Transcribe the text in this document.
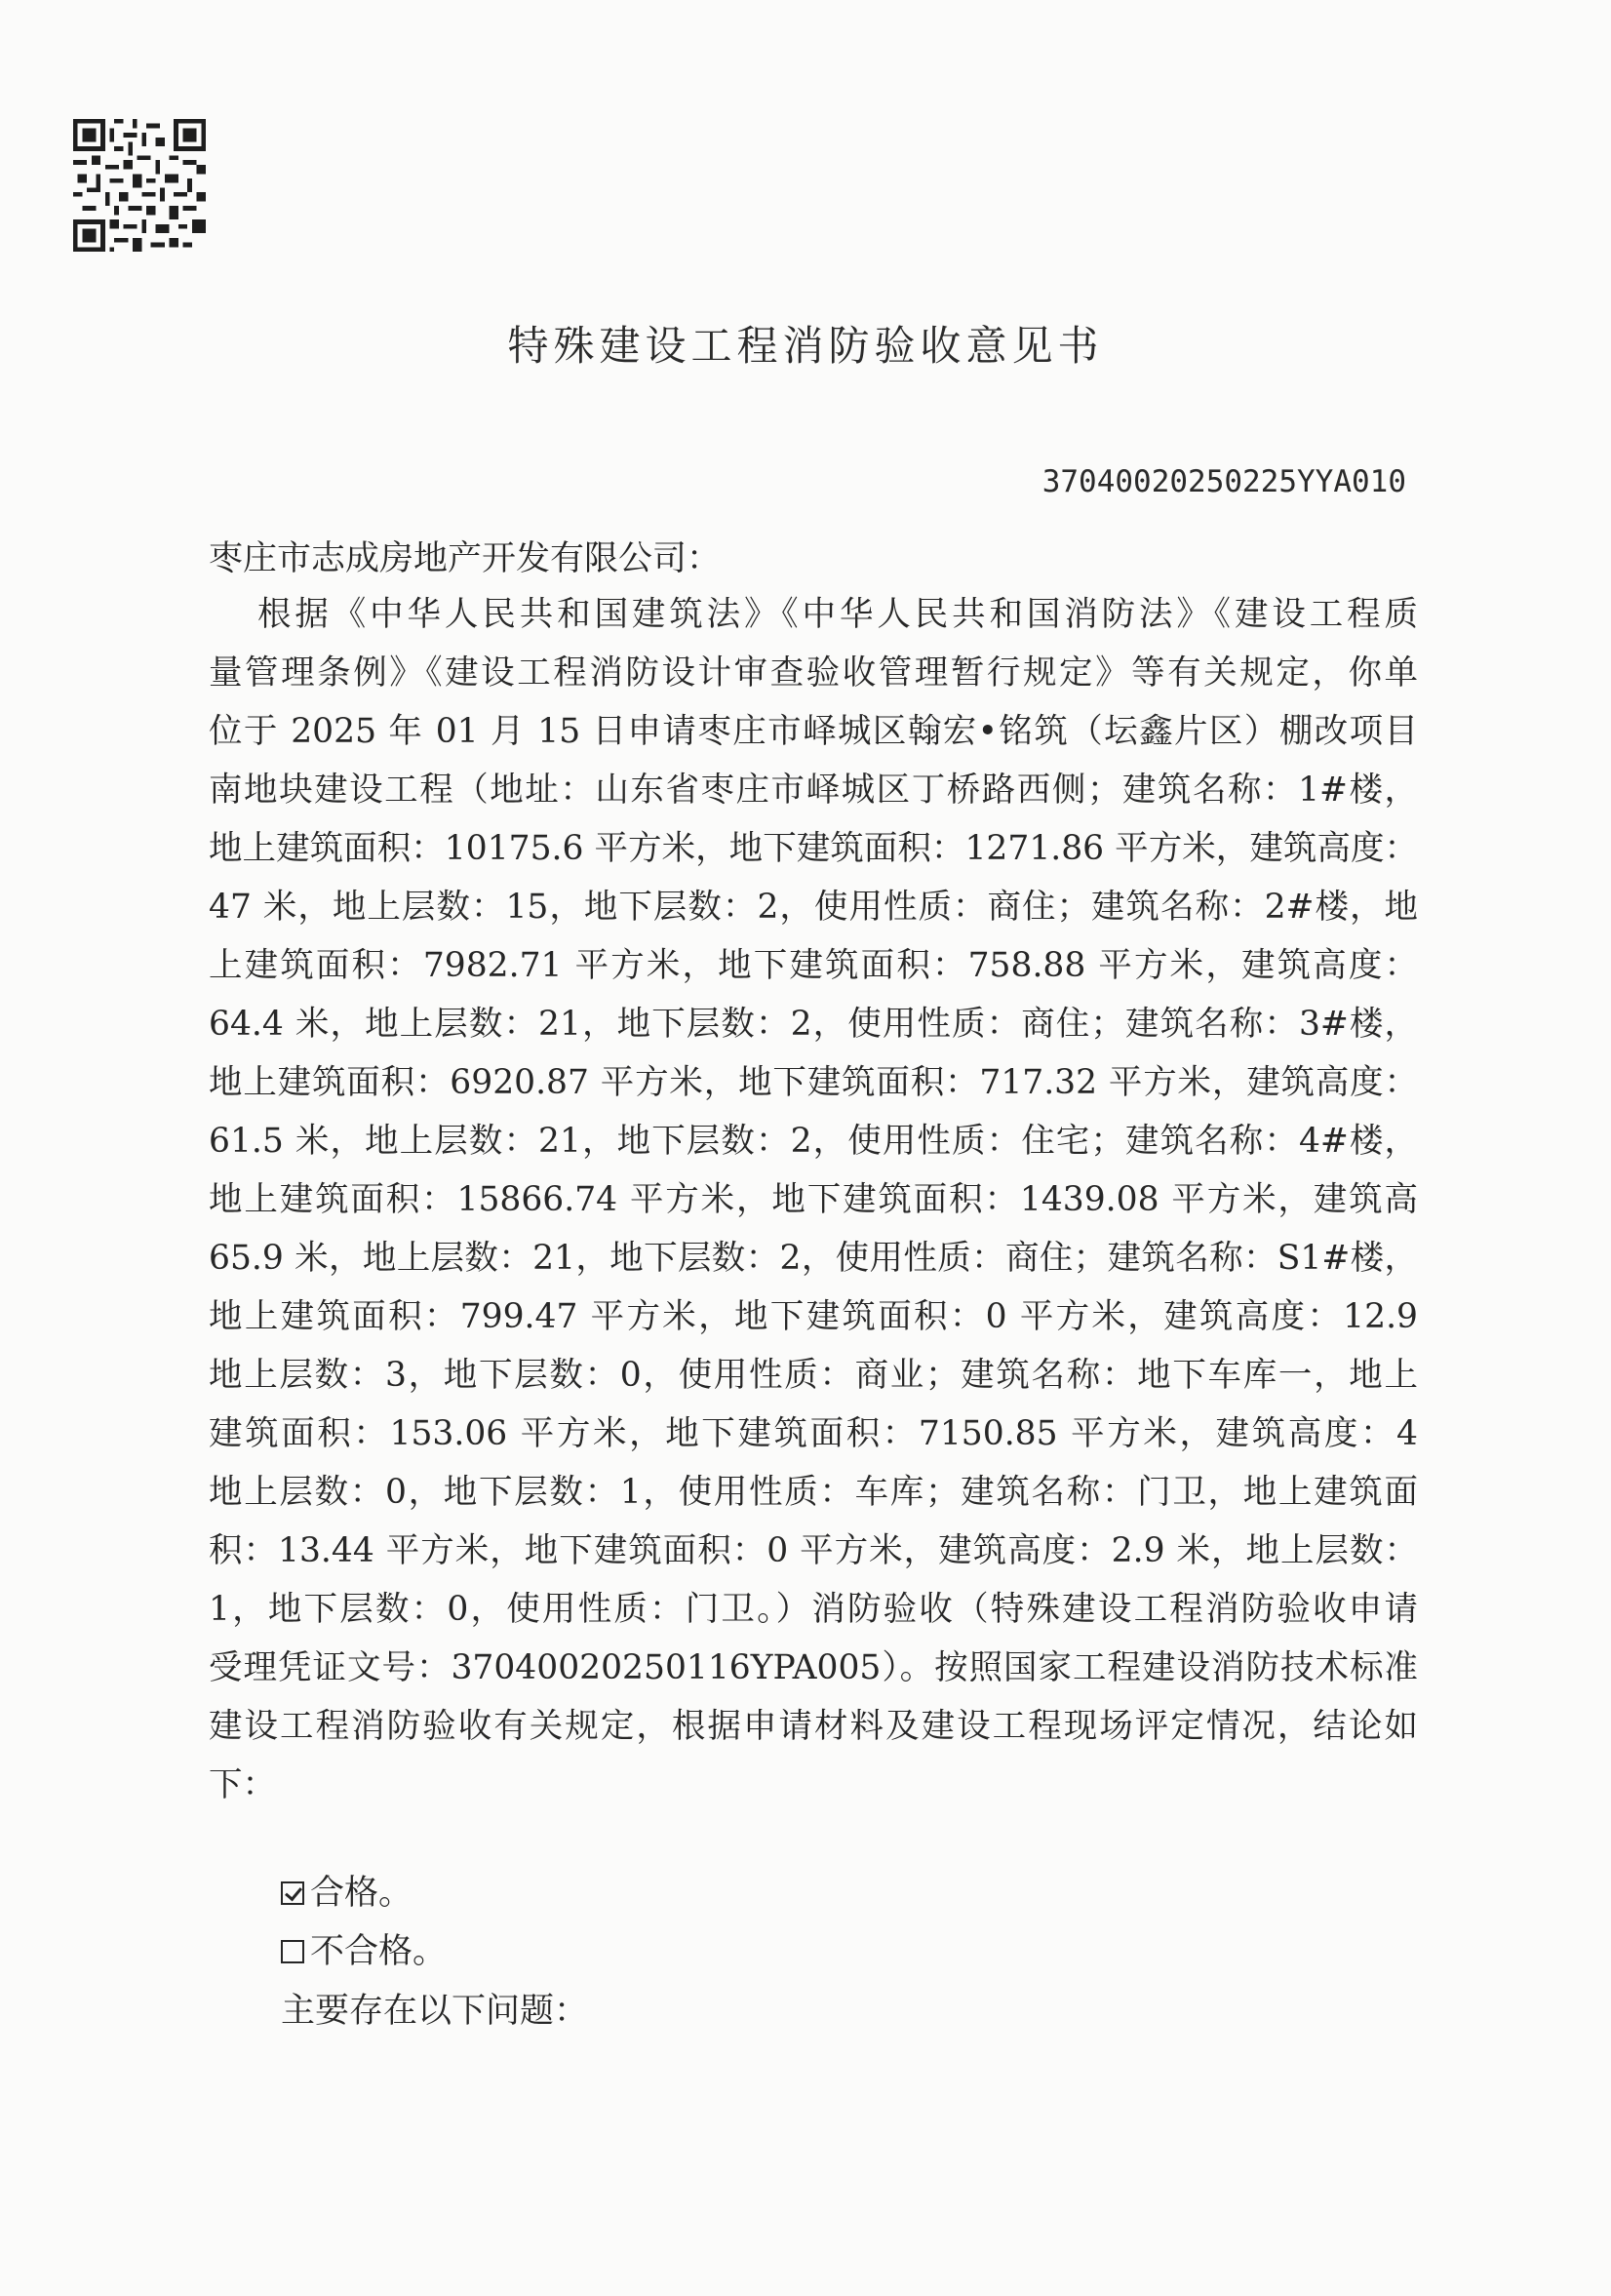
特殊建设工程消防验收意见书
37040020250225YYA010
枣庄市志成房地产开发有限公司：
根据《中华人民共和国建筑法》《中华人民共和国消防法》《建设工程质
量管理条例》《建设工程消防设计审查验收管理暂行规定》等有关规定，你单
位于 2025 年 01 月 15 日申请枣庄市峄城区翰宏•铭筑（坛鑫片区）棚改项目
南地块建设工程（地址：山东省枣庄市峄城区丁桥路西侧；建筑名称：1#楼，
地上建筑面积：10175.6 平方米，地下建筑面积：1271.86 平方米，建筑高度：
47 米，地上层数：15，地下层数：2，使用性质：商住；建筑名称：2#楼，地
上建筑面积：7982.71 平方米，地下建筑面积：758.88 平方米，建筑高度：
64.4 米，地上层数：21，地下层数：2，使用性质：商住；建筑名称：3#楼，
地上建筑面积：6920.87 平方米，地下建筑面积：717.32 平方米，建筑高度：
61.5 米，地上层数：21，地下层数：2，使用性质：住宅；建筑名称：4#楼，
地上建筑面积：15866.74 平方米，地下建筑面积：1439.08 平方米，建筑高
65.9 米，地上层数：21，地下层数：2，使用性质：商住；建筑名称：S1#楼，
地上建筑面积：799.47 平方米，地下建筑面积：0 平方米，建筑高度：12.9
地上层数：3，地下层数：0，使用性质：商业；建筑名称：地下车库一，地上
建筑面积：153.06 平方米，地下建筑面积：7150.85 平方米，建筑高度：4
地上层数：0，地下层数：1，使用性质：车库；建筑名称：门卫，地上建筑面
积：13.44 平方米，地下建筑面积：0 平方米，建筑高度：2.9 米，地上层数：
1，地下层数：0，使用性质：门卫。）消防验收（特殊建设工程消防验收申请
受理凭证文号：37040020250116YPA005）。按照国家工程建设消防技术标准
建设工程消防验收有关规定，根据申请材料及建设工程现场评定情况，结论如
下：
合格。
不合格。
主要存在以下问题：
